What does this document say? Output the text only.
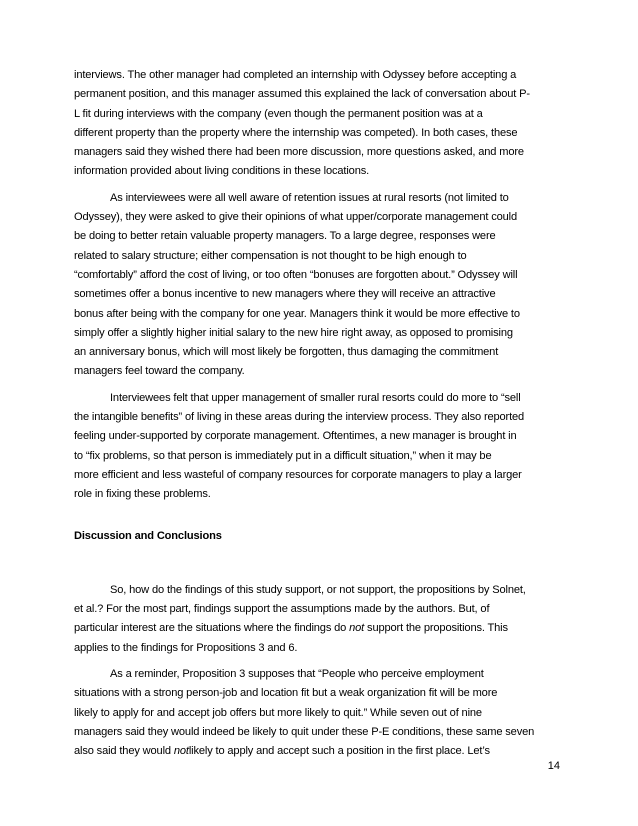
interviews. The other manager had completed an internship with Odyssey before accepting a
permanent position, and this manager assumed this explained the lack of conversation about P-
L fit during interviews with the company (even though the permanent position was at a
different property than the property where the internship was competed). In both cases, these
managers said they wished there had been more discussion, more questions asked, and more
information provided about living conditions in these locations.

As interviewees were all well aware of retention issues at rural resorts (not limited to
Odyssey), they were asked to give their opinions of what upper/corporate management could
be doing to better retain valuable property managers. To a large degree, responses were
related to salary structure; either compensation is not thought to be high enough to
“comfortably” afford the cost of living, or too often “bonuses are forgotten about.” Odyssey will
sometimes offer a bonus incentive to new managers where they will receive an attractive
bonus after being with the company for one year. Managers think it would be more effective to
simply offer a slightly higher initial salary to the new hire right away, as opposed to promising
an anniversary bonus, which will most likely be forgotten, thus damaging the commitment
managers feel toward the company.

Interviewees felt that upper management of smaller rural resorts could do more to “sell
the intangible benefits” of living in these areas during the interview process. They also reported
feeling under-supported by corporate management. Oftentimes, a new manager is brought in
to “fix problems, so that person is immediately put in a difficult situation,” when it may be
more efficient and less wasteful of company resources for corporate managers to play a larger
role in fixing these problems.

Discussion and Conclusions

So, how do the findings of this study support, or not support, the propositions by Solnet,
et al.? For the most part, findings support the assumptions made by the authors. But, of
particular interest are the situations where the findings do not support the propositions. This
applies to the findings for Propositions 3 and 6.

As a reminder, Proposition 3 supposes that “People who perceive employment
situations with a strong person-job and location fit but a weak organization fit will be more
likely to apply for and accept job offers but more likely to quit.” While seven out of nine
managers said they would indeed be likely to quit under these P-E conditions, these same seven
also said they would notlikely to apply and accept such a position in the first place. Let’s

14
